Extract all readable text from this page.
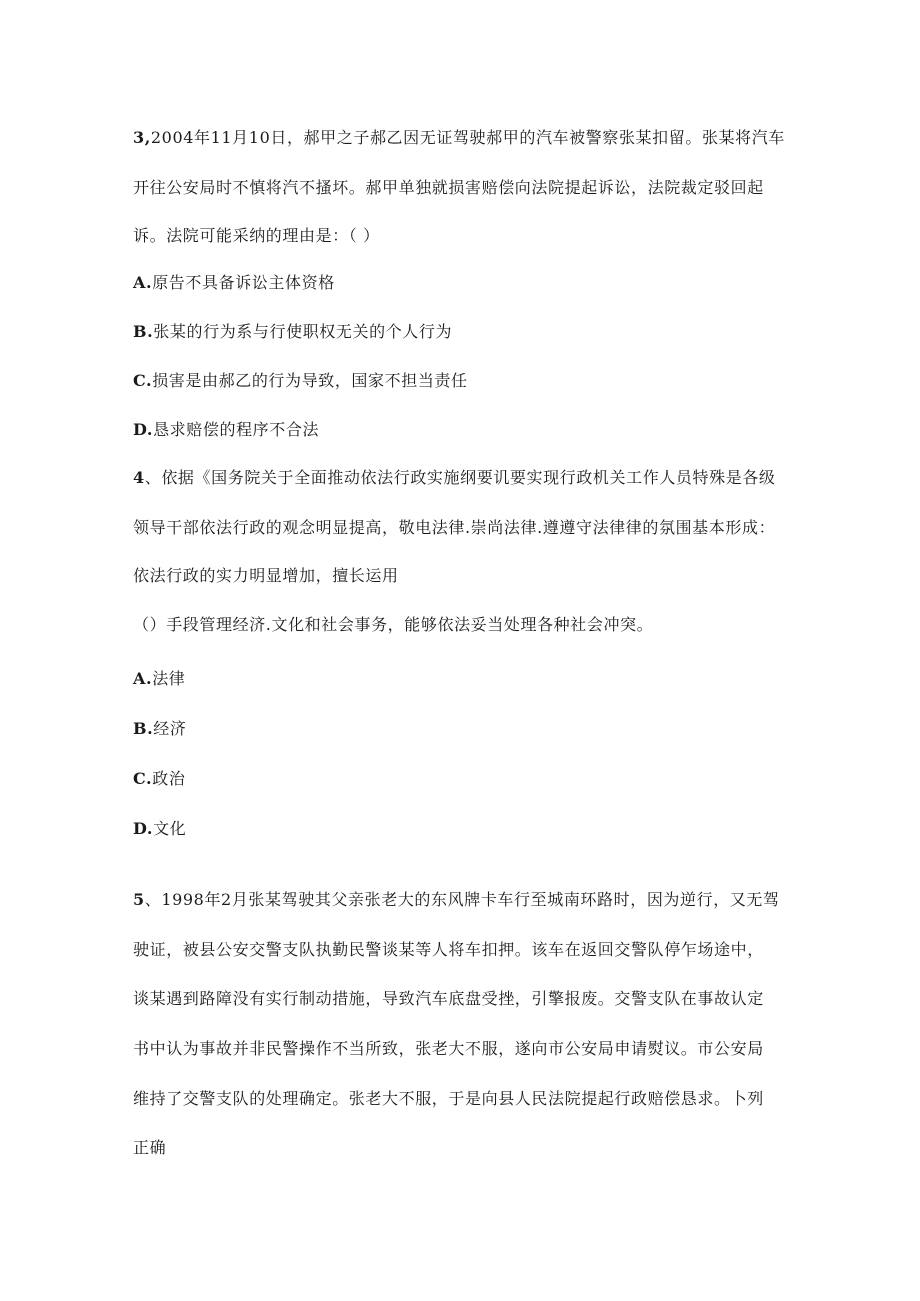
3,2004年11月10日，郝甲之子郝乙因无证驾驶郝甲的汽车被警察张某扣留。张某将汽车
开往公安局时不慎将汽不搔坏。郝甲单独就损害赔偿向法院提起诉讼，法院裁定驳回起
诉。法院可能采纳的理由是：（ ）
A.原告不具备诉讼主体资格
B.张某的行为系与行使职权无关的个人行为
C.损害是由郝乙的行为导致，国家不担当责任
D.恳求赔偿的程序不合法
4、依据《国务院关于全面推动依法行政实施纲要讥要实现行政机关工作人员特殊是各级
领导干部依法行政的观念明显提高，敬电法律.崇尚法律.遵遵守法律律的氛围基本形成：
依法行政的实力明显增加，擅长运用
（）手段管理经济.文化和社会事务，能够依法妥当处理各种社会冲突。
A.法律
B.经济
C.政治
D.文化
5、1998年2月张某驾驶其父亲张老大的东风牌卡车行至城南环路时，因为逆行，又无驾
驶证，被县公安交警支队执勤民警谈某等人将车扣押。该车在返回交警队停乍场途中，
谈某遇到路障没有实行制动措施，导致汽车底盘受挫，引擎报废。交警支队在事故认定
书中认为事故并非民警操作不当所致，张老大不服，遂向市公安局申请熨议。市公安局
维持了交警支队的处理确定。张老大不服，于是向县人民法院提起行政赔偿恳求。卜列
正确
